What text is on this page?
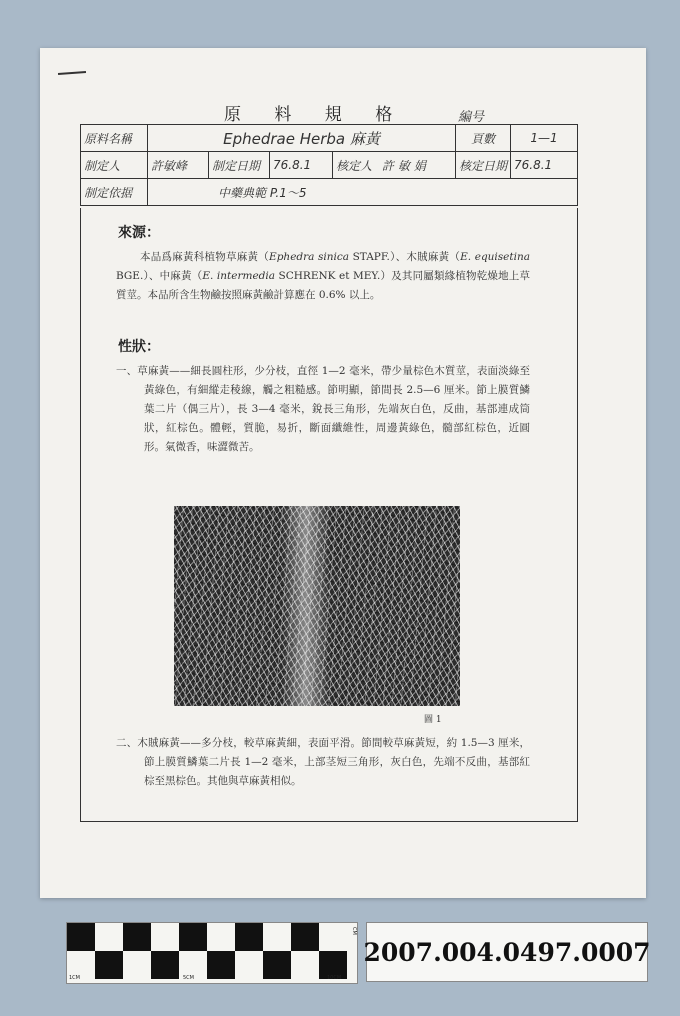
原 料 規 格	編号
原料名稱	Ephedrae Herba 麻黃				頁數	1—1
制定人	許敏峰	制定日期	76.8.1	核定人 許敏娟	核定日期	76.8.1
制定依据	中藥典範 P.1〜5					
來源：

本品爲麻黃科植物草麻黃（Ephedra sinica STAPF.）、木賊麻黃（E. equisetina BGE.）、中麻黃（E. intermedia SCHRENK et MEY.）及其同屬類緣植物乾燥地上草質莖。本品所含生物鹼按照麻黃鹼計算應在 0.6% 以上。

性狀：

一、草麻黃——細長圓柱形，少分枝，直徑 1—2 毫米，帶少量棕色木質莖，表面淡綠至黃綠色，有細縱走稜線，觸之粗糙感。節明顯，節間長 2.5—6 厘米。節上膜質鱗葉二片（偶三片），長 3—4 毫米，銳長三角形，先端灰白色，反曲，基部連成筒狀，紅棕色。體輕，質脆，易折，斷面纖維性，周邊黃綠色，髓部紅棕色，近圓形。氣微香，味澀微苦。

圖 1

二、木賊麻黃——多分枝，較草麻黃細，表面平滑。節間較草麻黃短，約 1.5—3 厘米，節上膜質鱗葉二片長 1—2 毫米，上部茎短三角形，灰白色，先端不反曲，基部紅棕至黑棕色。其他與草麻黃相似。

1CM	5CM	10CM
CM
2007.004.0497.0007
